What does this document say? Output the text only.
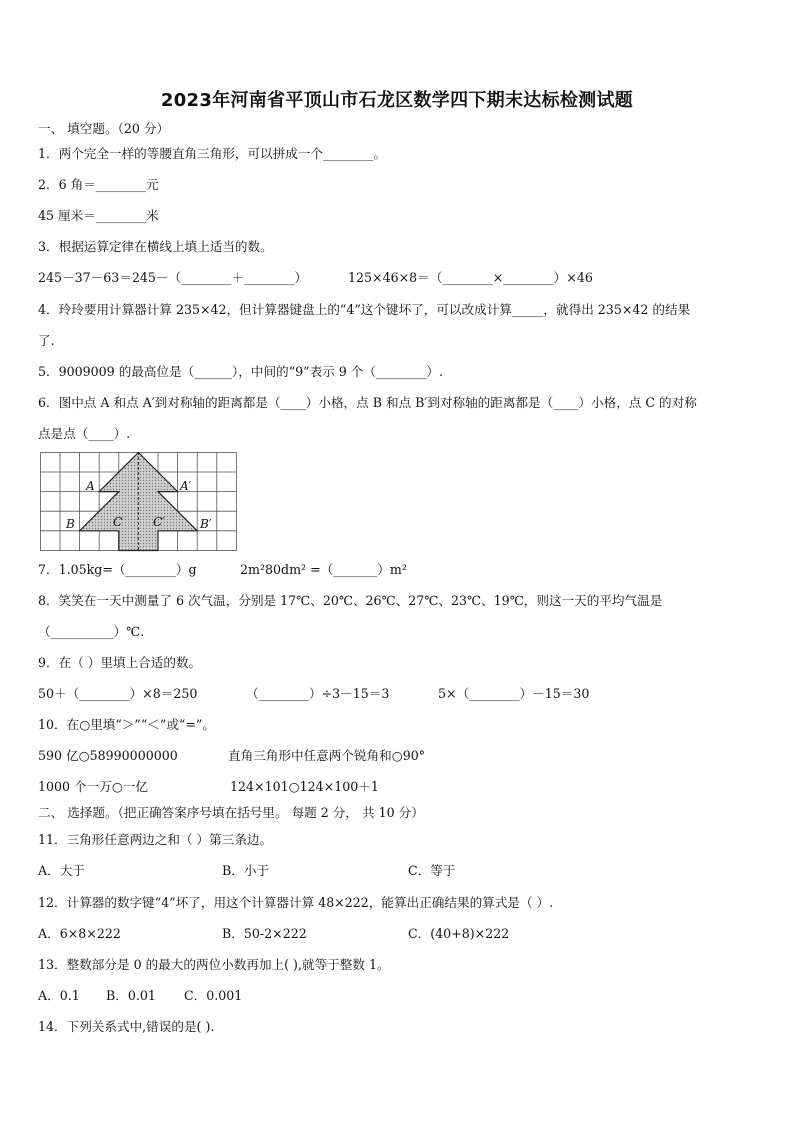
2023年河南省平顶山市石龙区数学四下期末达标检测试题
一、 填空题。（20 分）
1．两个完全一样的等腰直角三角形，可以拼成一个________。
2．6 角＝________元
45 厘米＝________米
3．根据运算定律在横线上填上适当的数。
245－37－63＝245－（________＋________）	125×46×8＝（________×________）×46
4．玲玲要用计算器计算 235×42，但计算器键盘上的“4”这个键坏了，可以改成计算_____，就得出 235×42 的结果
了.
5．9009009 的最高位是（______），中间的“9”表示 9 个（________）.
6．图中点 A 和点 A′到对称轴的距离都是（____）小格，点 B 和点 B′到对称轴的距离都是（____）小格，点 C 的对称
点是点（____）.
A	A′
B	B′
C	C′
7．1.05kg=（________）g	2m²80dm² =（_______）m²
8．笑笑在一天中测量了 6 次气温，分别是 17℃、20℃、26℃、27℃、23℃、19℃，则这一天的平均气温是
（__________）℃.
9．在（ ）里填上合适的数。
50＋（________）×8＝250	（________）÷3－15＝3	5×（________）－15＝30
10．在○里填“＞”“＜”或“=”。
590 亿○58990000000	直角三角形中任意两个锐角和○90°
1000 个一万○一亿	124×101○124×100＋1
二、 选择题。（把正确答案序号填在括号里。 每题 2 分， 共 10 分）
11．三角形任意两边之和（ ）第三条边。
A．大于	B．小于	C．等于
12．计算器的数字键“4”坏了，用这个计算器计算 48×222，能算出正确结果的算式是（ ）.
A．6×8×222	B．50-2×222	C．(40+8)×222
13．整数部分是 0 的最大的两位小数再加上( ),就等于整数 1。
A．0.1 B．0.01 C．0.001
14．下列关系式中,错误的是( ).
